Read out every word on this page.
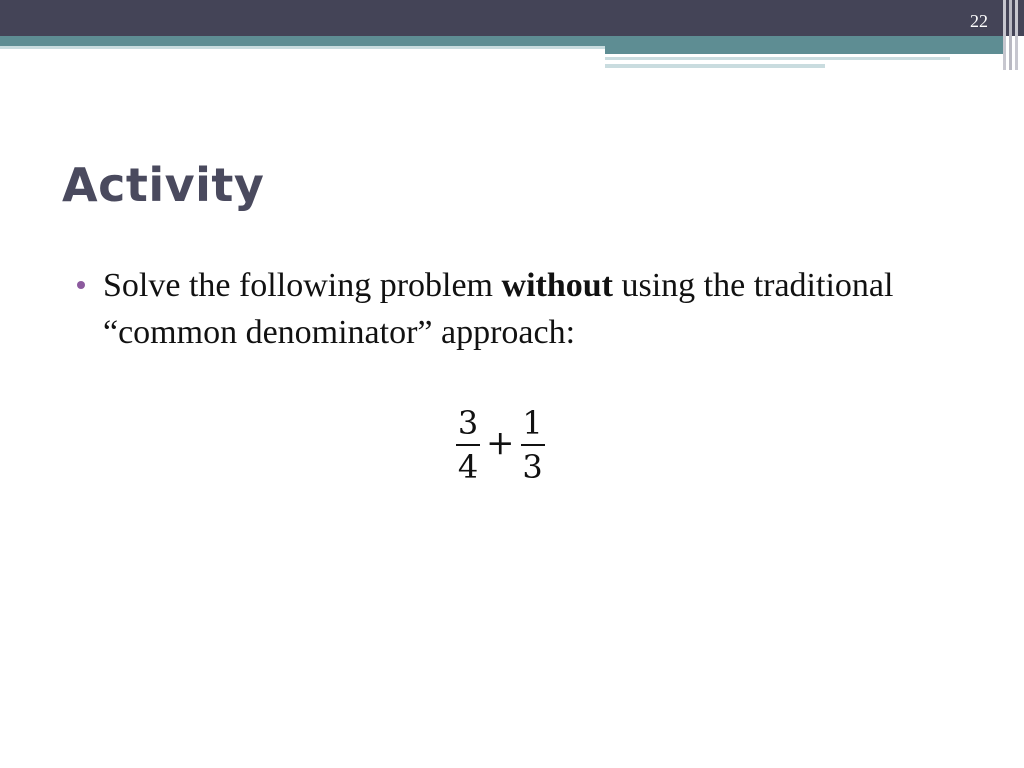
22
Activity
Solve the following problem without using the traditional “common denominator” approach:
$\frac{3}{4} + \frac{1}{3}$
